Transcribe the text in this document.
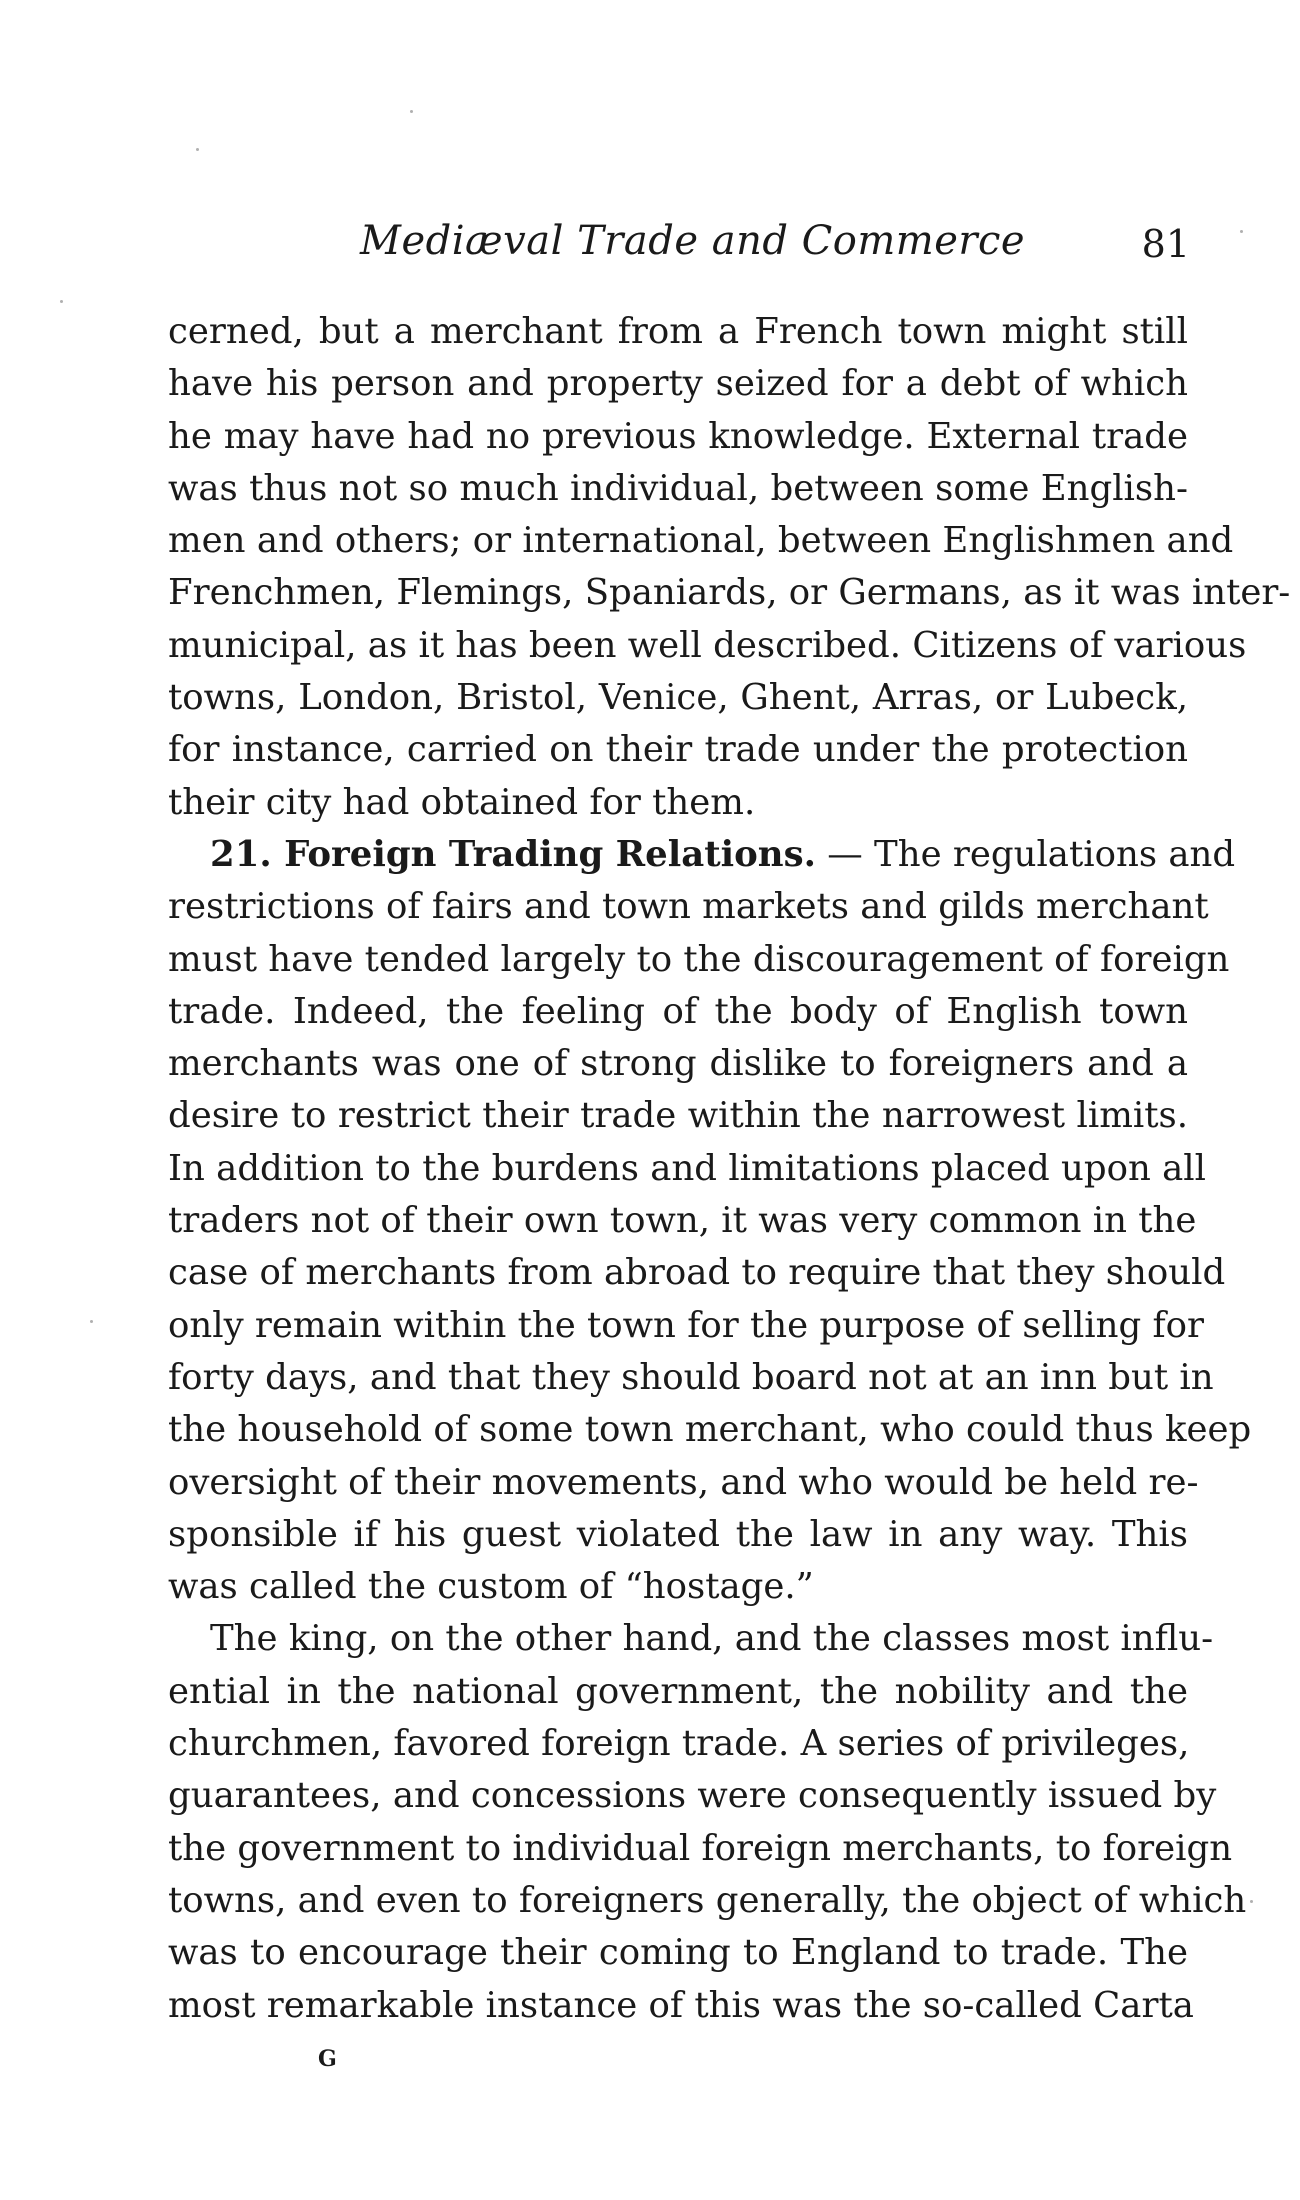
Mediæval Trade and Commerce	81
cerned, but a merchant from a French town might still
have his person and property seized for a debt of which
he may have had no previous knowledge. External trade
was thus not so much individual, between some English-
men and others; or international, between Englishmen and
Frenchmen, Flemings, Spaniards, or Germans, as it was inter-
municipal, as it has been well described. Citizens of various
towns, London, Bristol, Venice, Ghent, Arras, or Lubeck,
for instance, carried on their trade under the protection
their city had obtained for them.
21. Foreign Trading Relations. — The regulations and
restrictions of fairs and town markets and gilds merchant
must have tended largely to the discouragement of foreign
trade. Indeed, the feeling of the body of English town
merchants was one of strong dislike to foreigners and a
desire to restrict their trade within the narrowest limits.
In addition to the burdens and limitations placed upon all
traders not of their own town, it was very common in the
case of merchants from abroad to require that they should
only remain within the town for the purpose of selling for
forty days, and that they should board not at an inn but in
the household of some town merchant, who could thus keep
oversight of their movements, and who would be held re-
sponsible if his guest violated the law in any way. This
was called the custom of “hostage.”
The king, on the other hand, and the classes most influ-
ential in the national government, the nobility and the
churchmen, favored foreign trade. A series of privileges,
guarantees, and concessions were consequently issued by
the government to individual foreign merchants, to foreign
towns, and even to foreigners generally, the object of which
was to encourage their coming to England to trade. The
most remarkable instance of this was the so-called Carta
G
